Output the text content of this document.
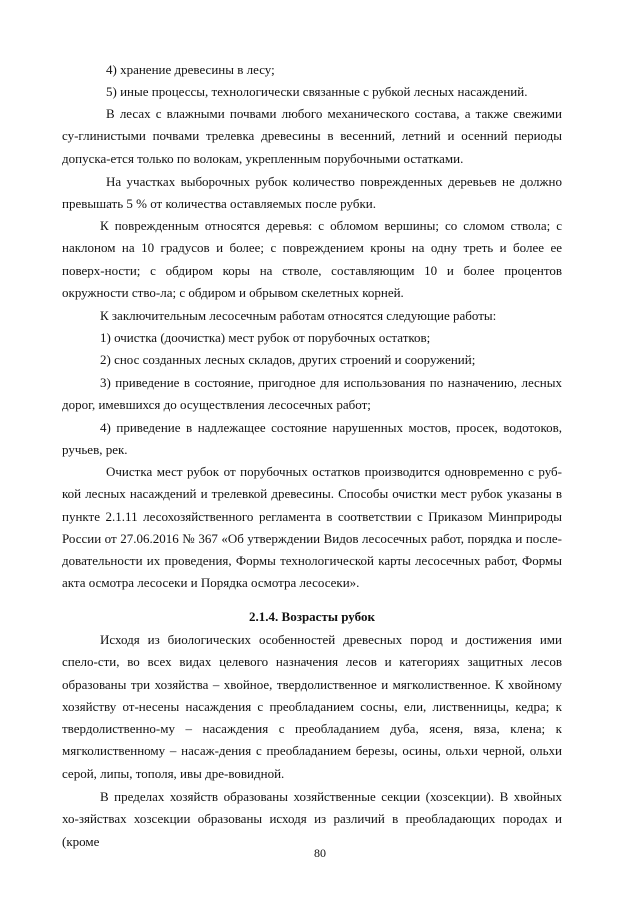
4) хранение древесины в лесу;

5) иные процессы, технологически связанные с рубкой лесных насаждений.

В лесах с влажными почвами любого механического состава, а также свежими су-глинистыми почвами трелевка древесины в весенний, летний и осенний периоды допуска-ется только по волокам, укрепленным порубочными остатками.

На участках выборочных рубок количество поврежденных деревьев не должно превышать 5 % от количества оставляемых после рубки.

К поврежденным относятся деревья: с обломом вершины; со сломом ствола; с наклоном на 10 градусов и более; с повреждением кроны на одну треть и более ее поверх-ности; с обдиром коры на стволе, составляющим 10 и более процентов окружности ство-ла; с обдиром и обрывом скелетных корней.

К заключительным лесосечным работам относятся следующие работы:

1) очистка (доочистка) мест рубок от порубочных остатков;

2) снос созданных лесных складов, других строений и сооружений;

3) приведение в состояние, пригодное для использования по назначению, лесных дорог, имевшихся до осуществления лесосечных работ;

4) приведение в надлежащее состояние нарушенных мостов, просек, водотоков, ручьев, рек.

Очистка мест рубок от порубочных остатков производится одновременно с руб-кой лесных насаждений и трелевкой древесины. Способы очистки мест рубок указаны в пункте 2.1.11 лесохозяйственного регламента в соответствии с Приказом Минприроды России от 27.06.2016 № 367 «Об утверждении Видов лесосечных работ, порядка и после-довательности их проведения, Формы технологической карты лесосечных работ, Формы акта осмотра лесосеки и Порядка осмотра лесосеки».

2.1.4. Возрасты рубок

Исходя из биологических особенностей древесных пород и достижения ими спело-сти, во всех видах целевого назначения лесов и категориях защитных лесов образованы три хозяйства – хвойное, твердолиственное и мягколиственное. К хвойному хозяйству от-несены насаждения с преобладанием сосны, ели, лиственницы, кедра; к твердолиственно-му – насаждения с преобладанием дуба, ясеня, вяза, клена; к мягколиственному – насаж-дения с преобладанием березы, осины, ольхи черной, ольхи серой, липы, тополя, ивы дре-вовидной.

В пределах хозяйств образованы хозяйственные секции (хозсекции). В хвойных хо-зяйствах хозсекции образованы исходя из различий в преобладающих породах и (кроме

80
